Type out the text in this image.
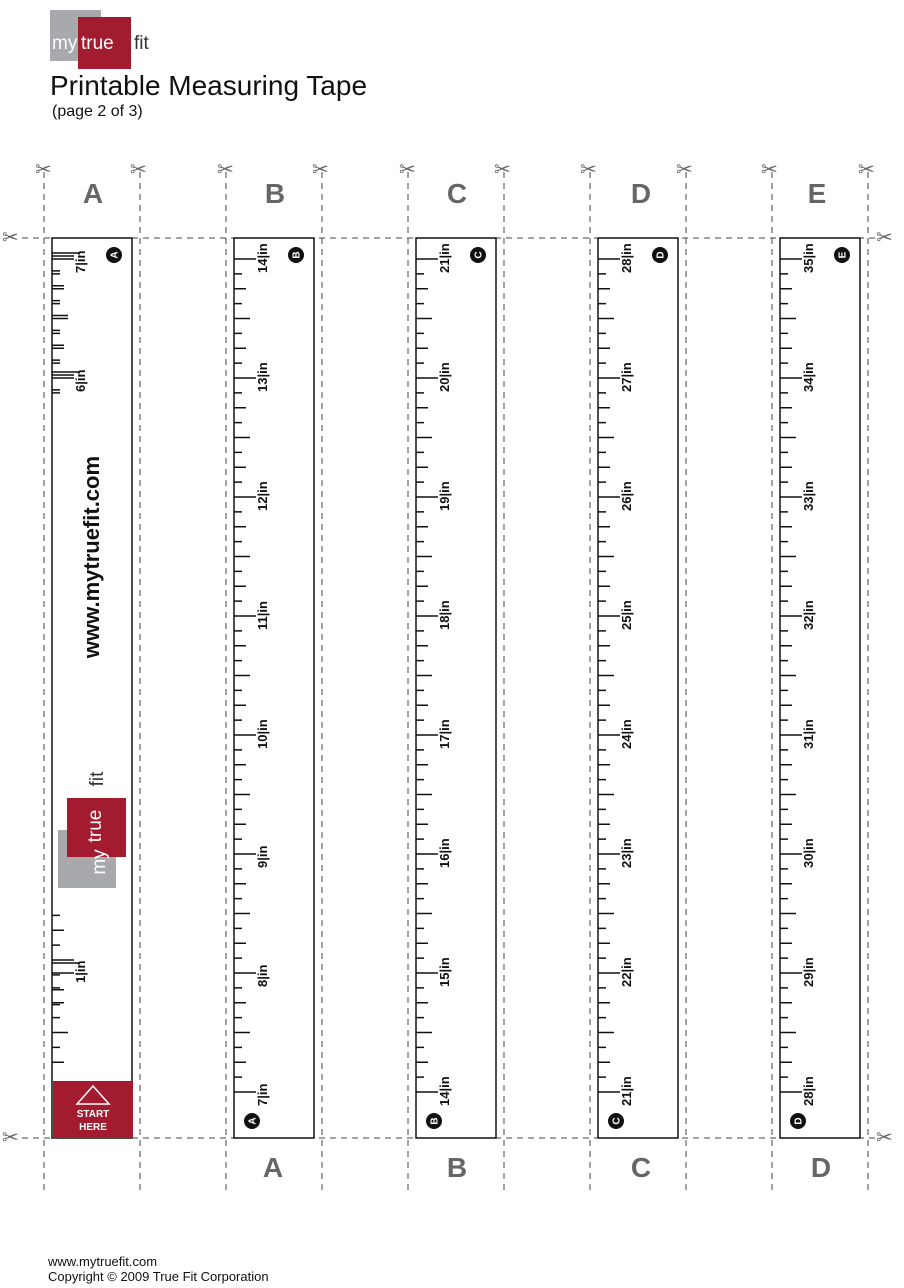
my true fit
Printable Measuring Tape
(page 2 of 3)
A	B	C	D	E
A	B	C	D
✂	✂	✂	✂	✂	✂	✂	✂	✂	✂
✂	✂
✂	✂
1|in
6|in
7|in A
7|in
8|in
9|in
10|in
11|in
12|in
13|in
14|in B
A
14|in
15|in
16|in
17|in
18|in
19|in
20|in
21|in C
B
21|in
22|in
23|in
24|in
25|in
26|in
27|in
28|in D
C
28|in
29|in
30|in
31|in
32|in
33|in
34|in
35|in E
D
www.mytruefit.com
my
true
fit
START
HERE
www.mytruefit.com
Copyright © 2009 True Fit Corporation
